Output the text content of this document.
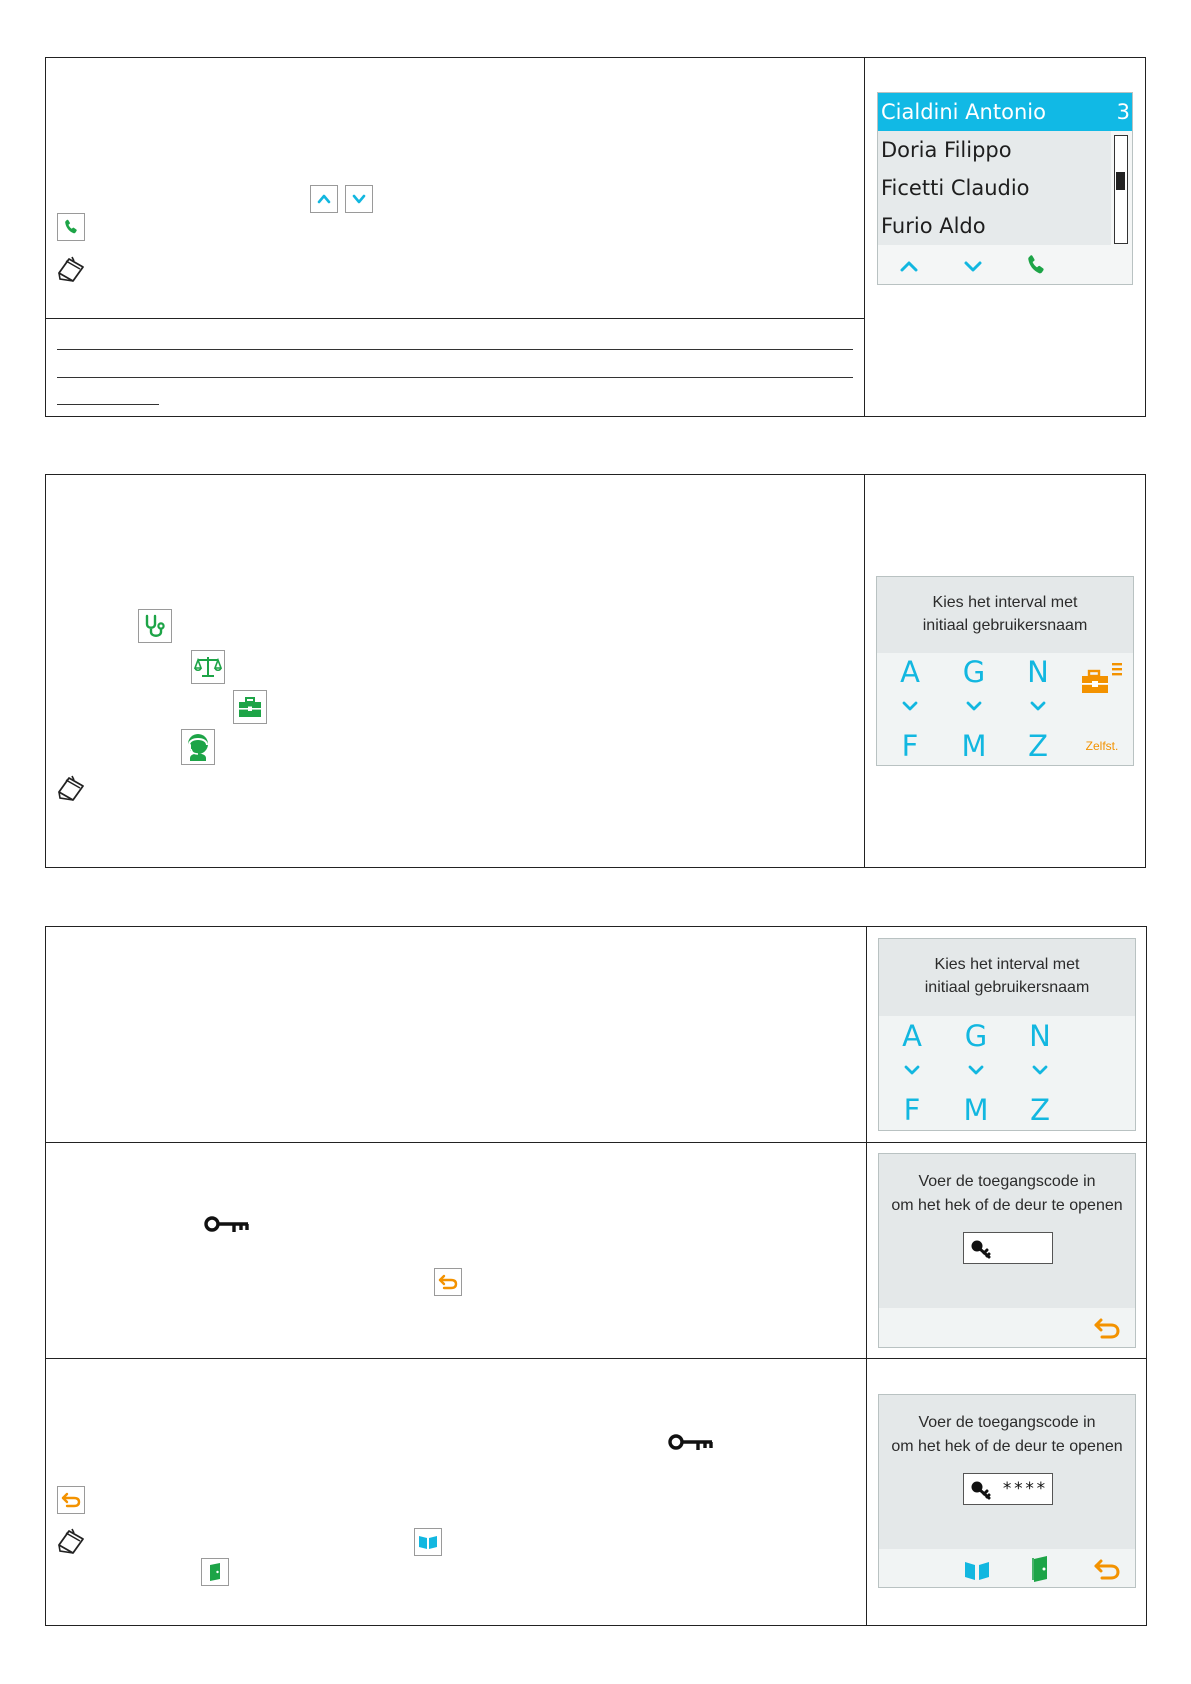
Cialdini Antonio	3
Doria Filippo
Ficetti Claudio
Furio Aldo
Kies het interval met
initiaal gebruikersnaam
A
F
G
M
N
Z	Zelfst.
Kies het interval met
initiaal gebruikersnaam
A
F
G
M
N
Z
Voer de toegangscode in
om het hek of de deur te openen
Voer de toegangscode in
om het hek of de deur te openen
****
